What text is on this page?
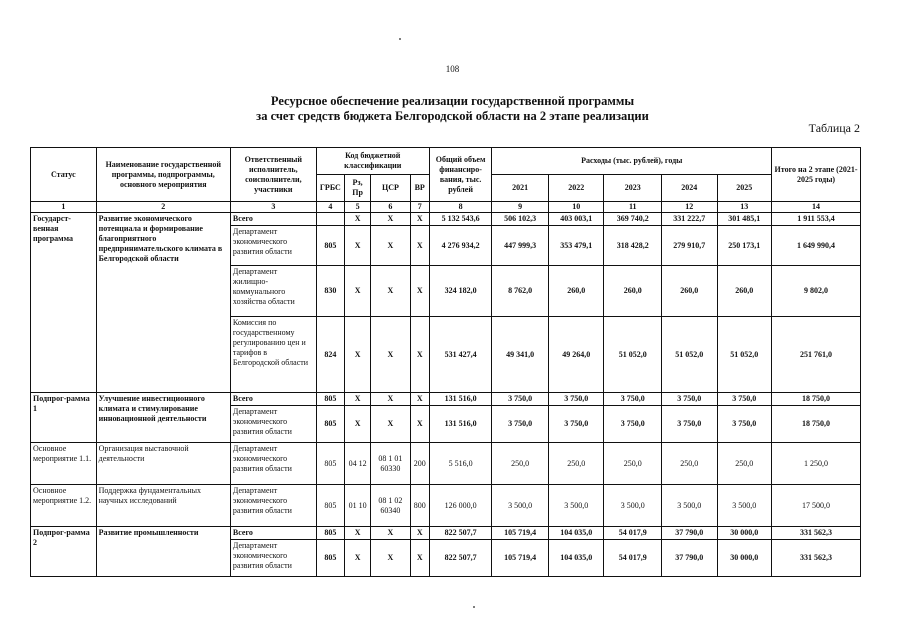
108
Ресурсное обеспечение реализации государственной программы
за счет средств бюджета Белгородской области на 2 этапе реализации
Таблица 2
Статус	Наименование государственной программы, подпрограммы, основного мероприятия	Ответственный исполнитель, соисполнители, участники	Код бюджетной классификации				Общий объем финансиро-вания, тыс. рублей	Расходы (тыс. рублей), годы					Итого на 2 этапе (2021-2025 годы)
			ГРБС	Рз, Пр	ЦСР	ВР		2021	2022	2023	2024	2025	
1	2	3	4	5	6	7	8	9	10	11	12	13	14
Государст-венная программа	Развитие экономического потенциала и формирование благоприятного предпринимательского климата в Белгородской области	Всего		Х	Х	Х	5 132 543,6	506 102,3	403 003,1	369 740,2	331 222,7	301 485,1	1 911 553,4
		Департамент экономического развития области	805	Х	Х	Х	4 276 934,2	447 999,3	353 479,1	318 428,2	279 910,7	250 173,1	1 649 990,4
		Департамент жилищно-коммунального хозяйства области	830	Х	Х	Х	324 182,0	8 762,0	260,0	260,0	260,0	260,0	9 802,0
		Комиссия по государственному регулированию цен и тарифов в Белгородской области	824	Х	Х	Х	531 427,4	49 341,0	49 264,0	51 052,0	51 052,0	51 052,0	251 761,0
Подпрог-рамма 1	Улучшение инвестиционного климата и стимулирование инновационной деятельности	Всего	805	Х	Х	Х	131 516,0	3 750,0	3 750,0	3 750,0	3 750,0	3 750,0	18 750,0
		Департамент экономического развития области	805	Х	Х	Х	131 516,0	3 750,0	3 750,0	3 750,0	3 750,0	3 750,0	18 750,0
Основное мероприятие 1.1.	Организация выставочной деятельности	Департамент экономического развития области	805	04 12	08 1 01 60330	200	5 516,0	250,0	250,0	250,0	250,0	250,0	1 250,0
Основное мероприятие 1.2.	Поддержка фундаментальных научных исследований	Департамент экономического развития области	805	01 10	08 1 02 60340	800	126 000,0	3 500,0	3 500,0	3 500,0	3 500,0	3 500,0	17 500,0
Подпрог-рамма 2	Развитие промышленности	Всего	805	Х	Х	Х	822 507,7	105 719,4	104 035,0	54 017,9	37 790,0	30 000,0	331 562,3
		Департамент экономического развития области	805	Х	Х	Х	822 507,7	105 719,4	104 035,0	54 017,9	37 790,0	30 000,0	331 562,3
